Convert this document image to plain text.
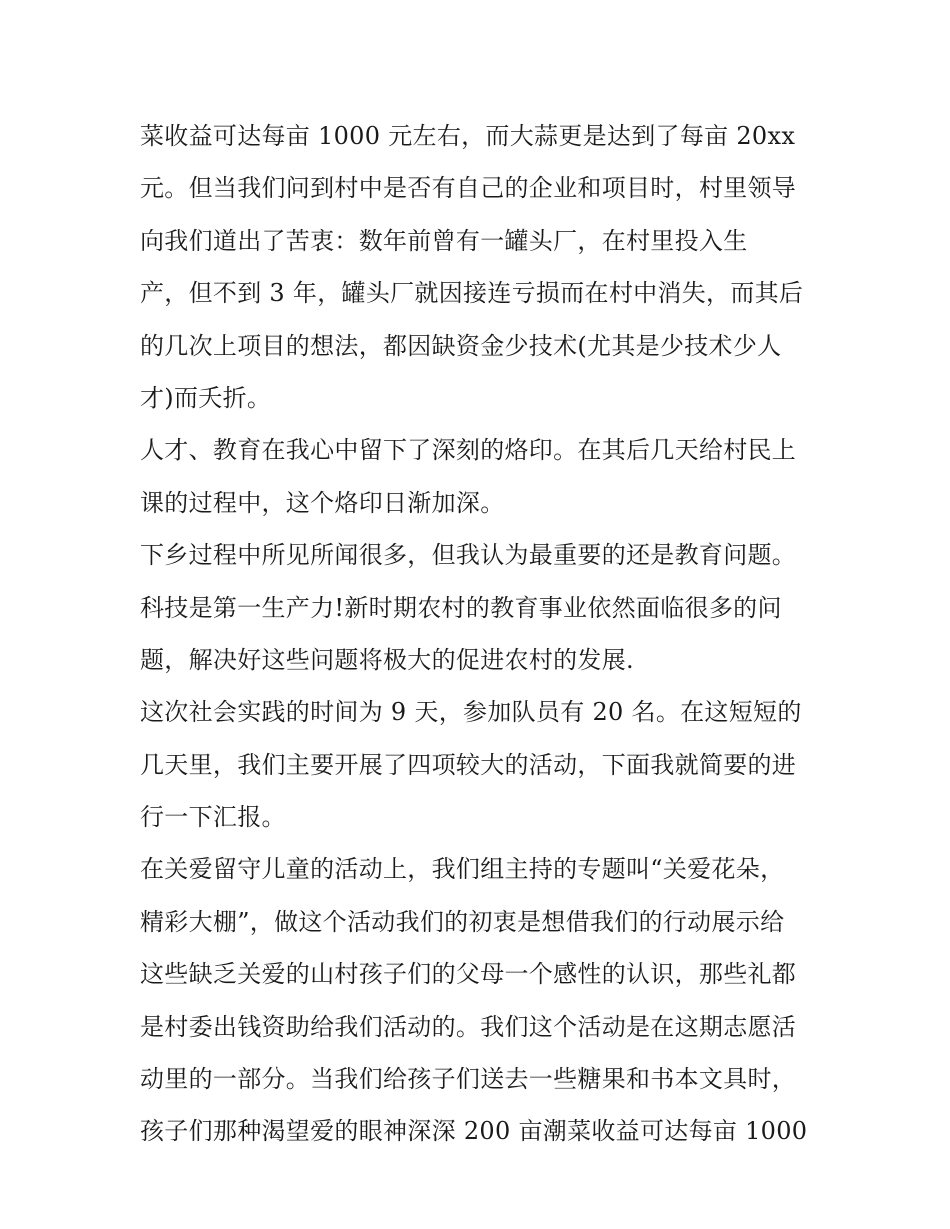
菜收益可达每亩 1000 元左右，而大蒜更是达到了每亩 20xx
元。但当我们问到村中是否有自己的企业和项目时，村里领导
向我们道出了苦衷：数年前曾有一罐头厂，在村里投入生
产，但不到 3 年，罐头厂就因接连亏损而在村中消失，而其后
的几次上项目的想法，都因缺资金少技术(尤其是少技术少人
才)而夭折。
人才、教育在我心中留下了深刻的烙印。在其后几天给村民上
课的过程中，这个烙印日渐加深。
下乡过程中所见所闻很多，但我认为最重要的还是教育问题。
科技是第一生产力!新时期农村的教育事业依然面临很多的问
题，解决好这些问题将极大的促进农村的发展.
这次社会实践的时间为 9 天，参加队员有 20 名。在这短短的
几天里，我们主要开展了四项较大的活动，下面我就简要的进
行一下汇报。
在关爱留守儿童的活动上，我们组主持的专题叫“关爱花朵，
精彩大棚”，做这个活动我们的初衷是想借我们的行动展示给
这些缺乏关爱的山村孩子们的父母一个感性的认识，那些礼都
是村委出钱资助给我们活动的。我们这个活动是在这期志愿活
动里的一部分。当我们给孩子们送去一些糖果和书本文具时，
孩子们那种渴望爱的眼神深深 200 亩潮菜收益可达每亩 1000
